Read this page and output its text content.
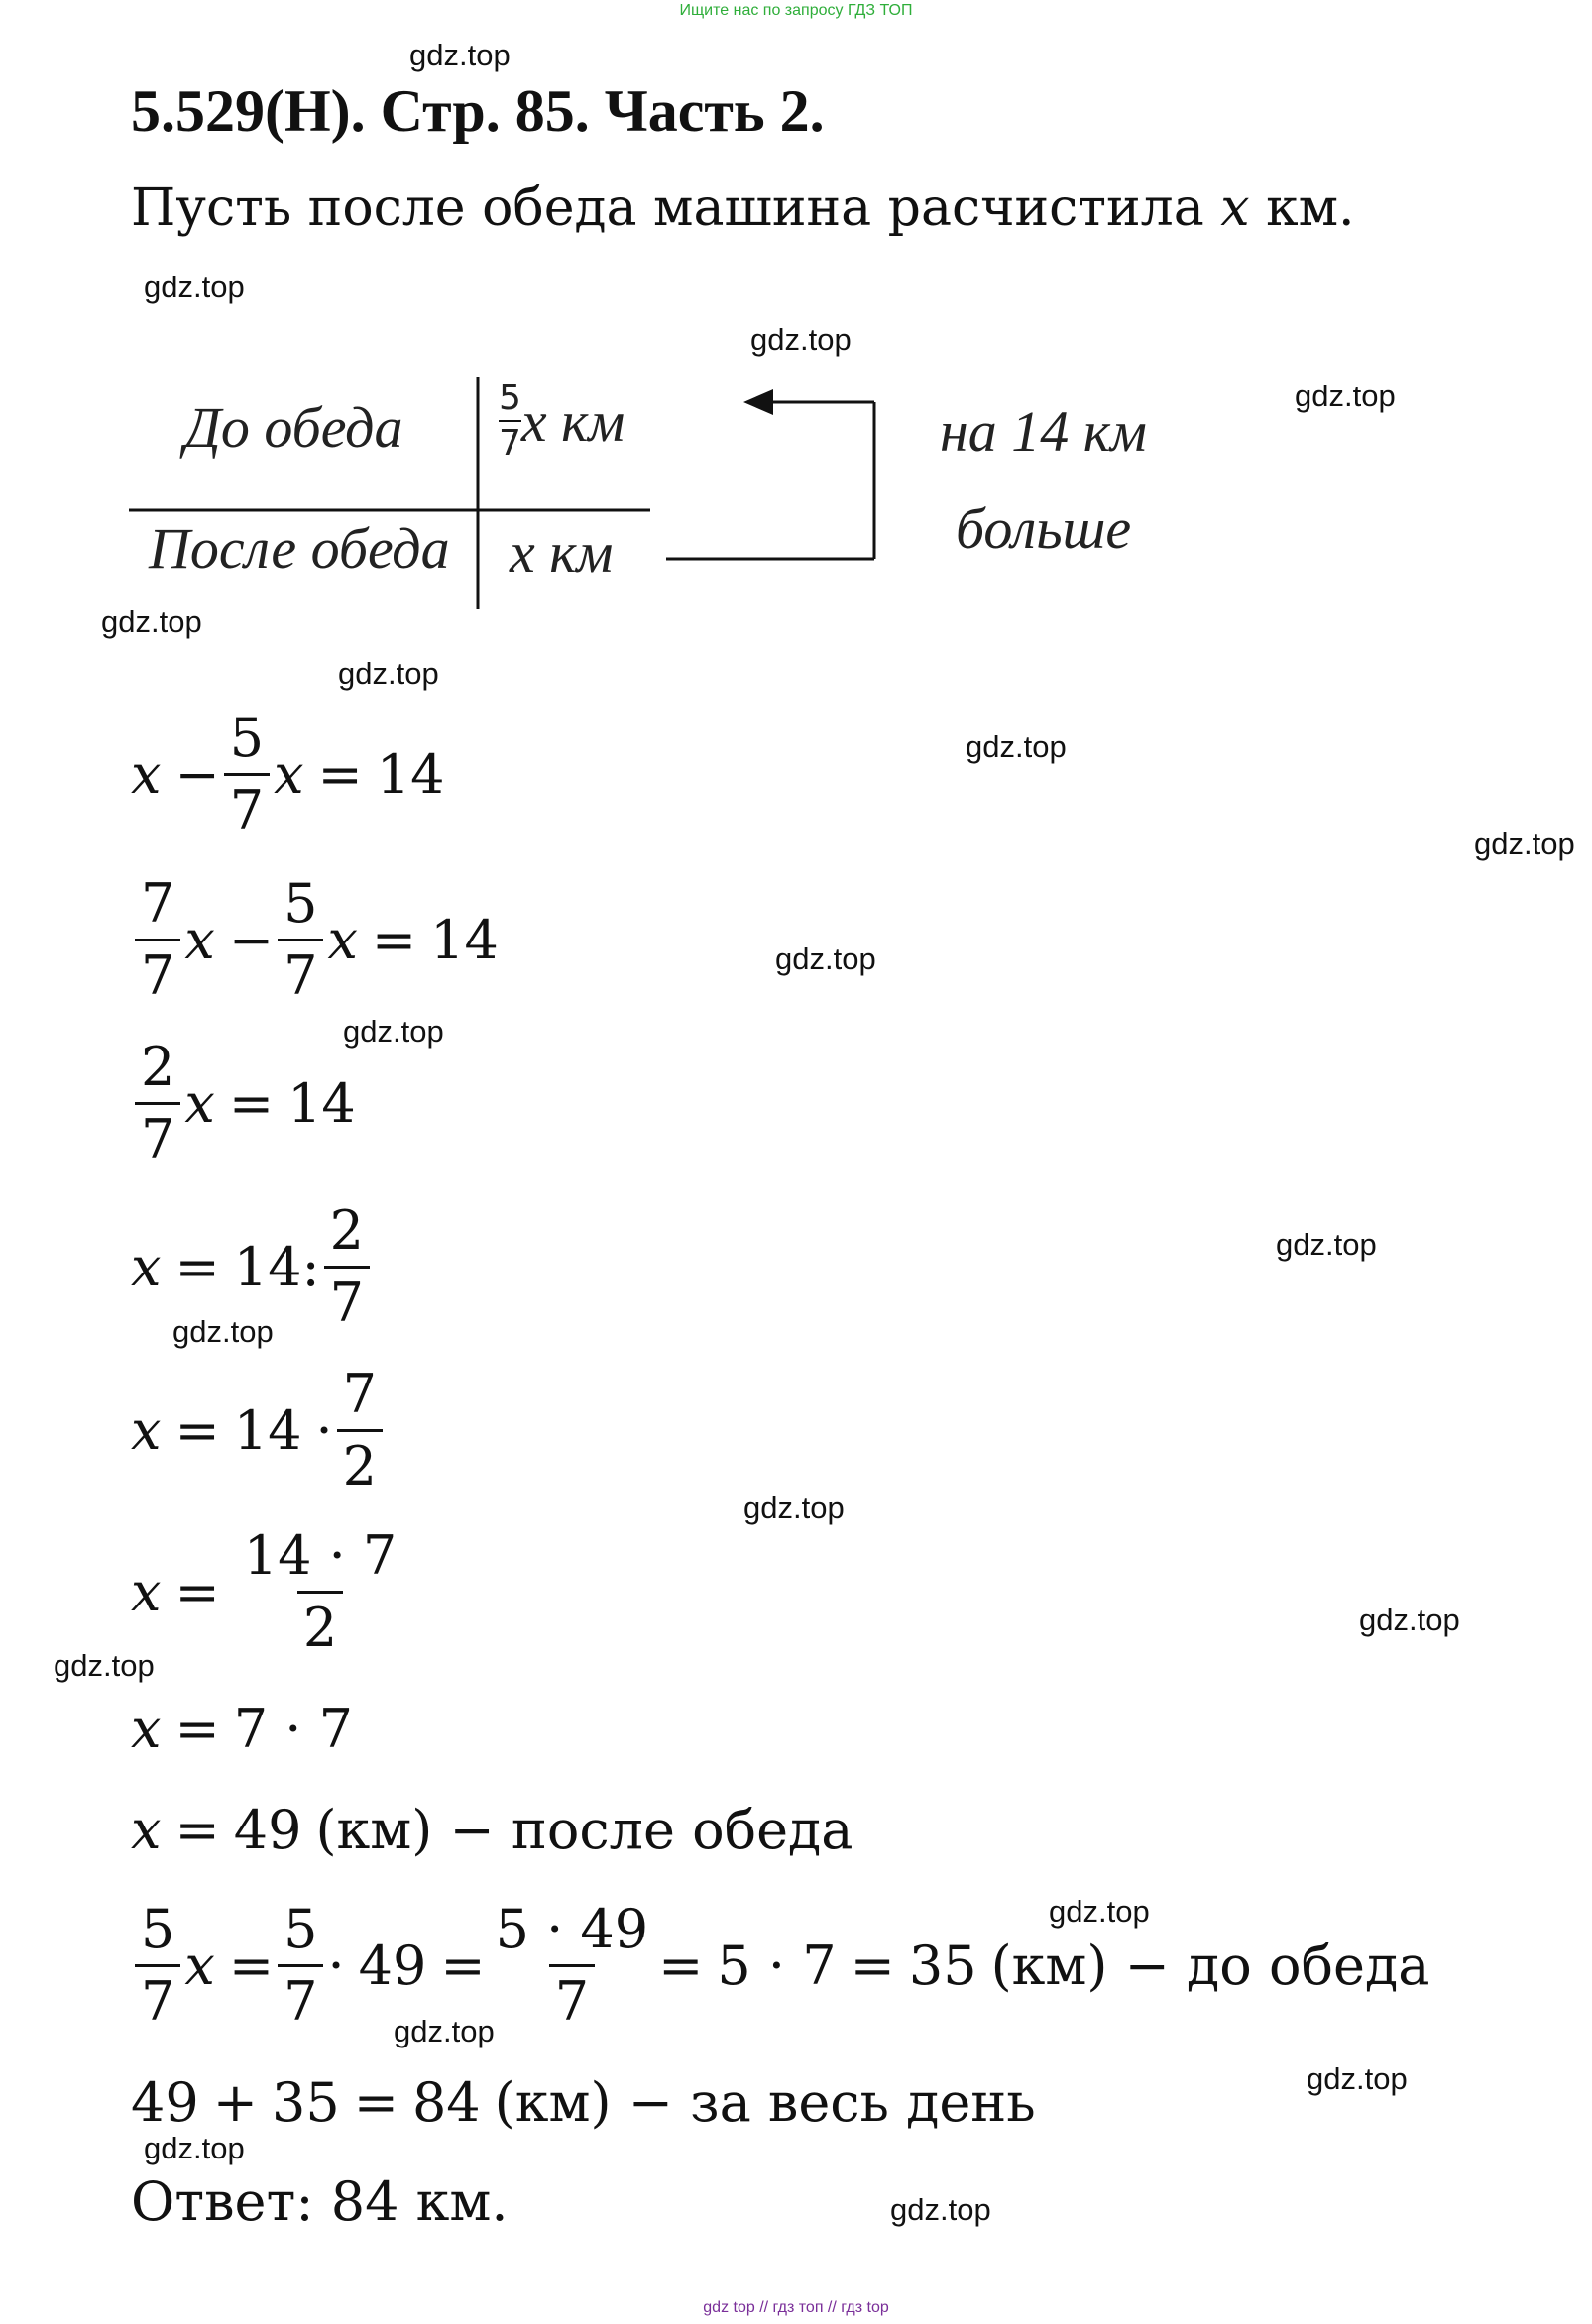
Ищите нас по запросу ГДЗ ТОП
gdz.top
gdz.top
gdz.top
gdz.top
gdz.top
gdz.top
gdz.top
gdz.top
gdz.top
gdz.top
gdz.top
gdz.top
gdz.top
gdz.top
gdz.top
gdz.top
gdz.top
gdz.top
gdz.top
gdz.top
5.529(Н). Стр. 85. Часть 2.
Пусть после обеда машина расчистила x км.
До обеда
После обеда
$\frac{5}{7}$ x км
x км
на 14 км
больше
$x - \frac{5}{7}$ x = 14
$\frac{7}{7}$ $x - \frac{5}{7}$ x = 14
$\frac{2}{7}$ x = 14
x = 14 : $\frac{2}{7}$
$x = 14 \cdot \frac{7}{2}$
$x = \frac{14 \cdot 7}{2}$
x = 7 · 7
x = 49 (км) − после обеда
$\frac{5}{7}$ $x = \frac{5}{7} \cdot 49 = \frac{5 \cdot 49}{7} = 5 \cdot 7 = 35$ (км) − до обеда
49 + 35 = 84 (км) − за весь день
Ответ: 84 км.
gdz top // гдз топ // гдз top
